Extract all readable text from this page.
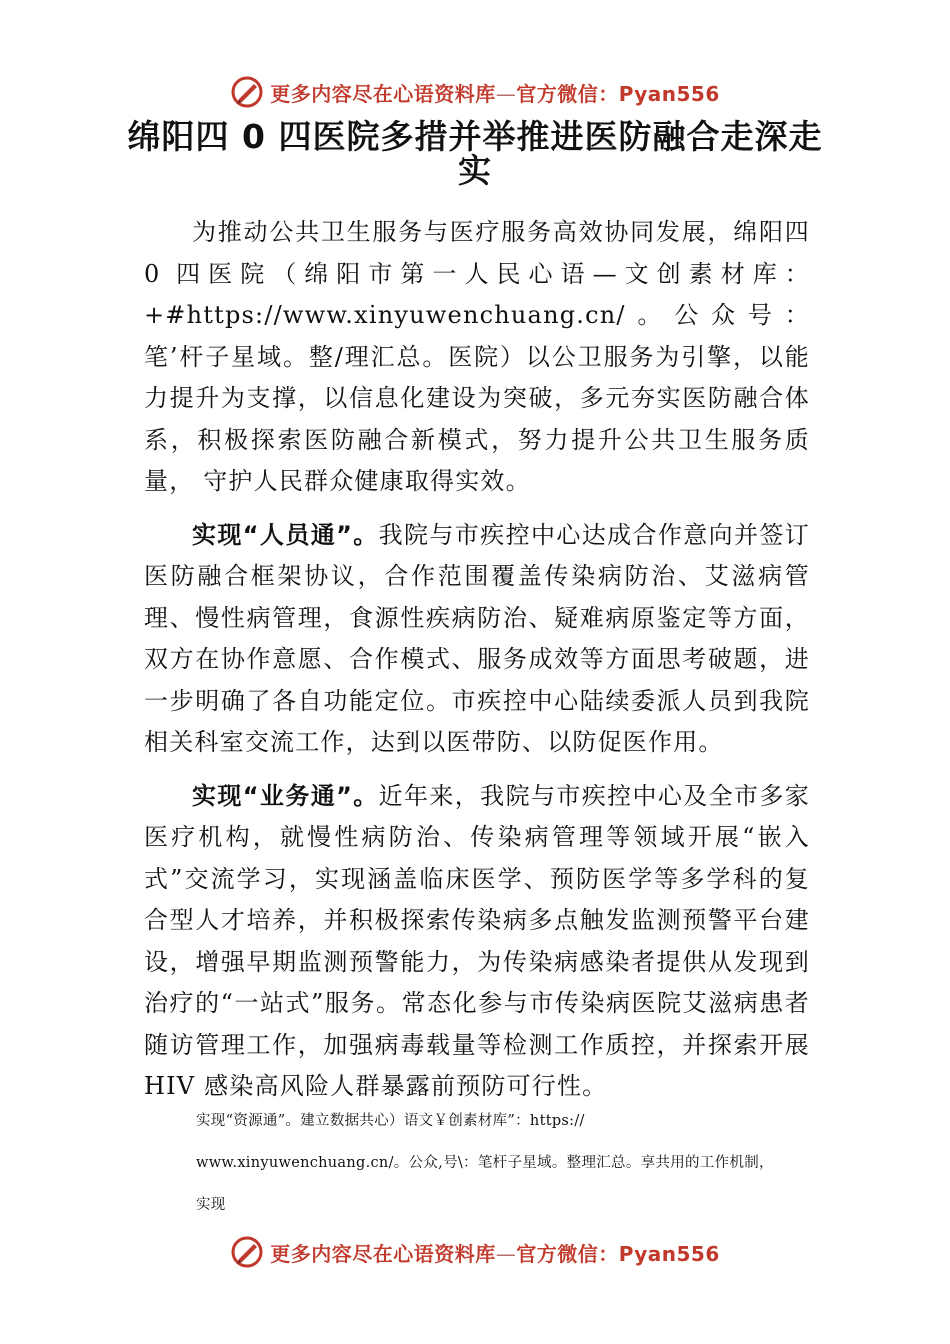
更多内容尽在心语资料库—官方微信：Pyan556
绵阳四 0 四医院多措并举推进医防融合走深走实

为推动公共卫生服务与医疗服务高效协同发展，绵阳四 0 四医院（绵阳市第一人民心语—文创素材库：+#https://www.xinyuwenchuang.cn/。公众号：笔’杆子星域。整/理汇总。医院）以公卫服务为引擎，以能力提升为支撑，以信息化建设为突破，多元夯实医防融合体系，积极探索医防融合新模式，努力提升公共卫生服务质量， 守护人民群众健康取得实效。

实现“人员通”。我院与市疾控中心达成合作意向并签订医防融合框架协议，合作范围覆盖传染病防治、艾滋病管理、慢性病管理，食源性疾病防治、疑难病原鉴定等方面， 双方在协作意愿、合作模式、服务成效等方面思考破题，进一步明确了各自功能定位。市疾控中心陆续委派人员到我院相关科室交流工作，达到以医带防、以防促医作用。

实现“业务通”。近年来，我院与市疾控中心及全市多家医疗机构，就慢性病防治、传染病管理等领域开展“嵌入式”交流学习，实现涵盖临床医学、预防医学等多学科的复合型人才培养，并积极探索传染病多点触发监测预警平台建设，增强早期监测预警能力，为传染病感染者提供从发现到治疗的“一站式”服务。常态化参与市传染病医院艾滋病患者随访管理工作，加强病毒载量等检测工作质控，并探索开展 HIV 感染高风险人群暴露前预防可行性。

实现“资源通”。建立数据共心）语文￥创素材库”：https://
www.xinyuwenchuang.cn/。公众,号\：笔杆子星域。整理汇总。享共用的工作机制，
实现
更多内容尽在心语资料库—官方微信：Pyan556
